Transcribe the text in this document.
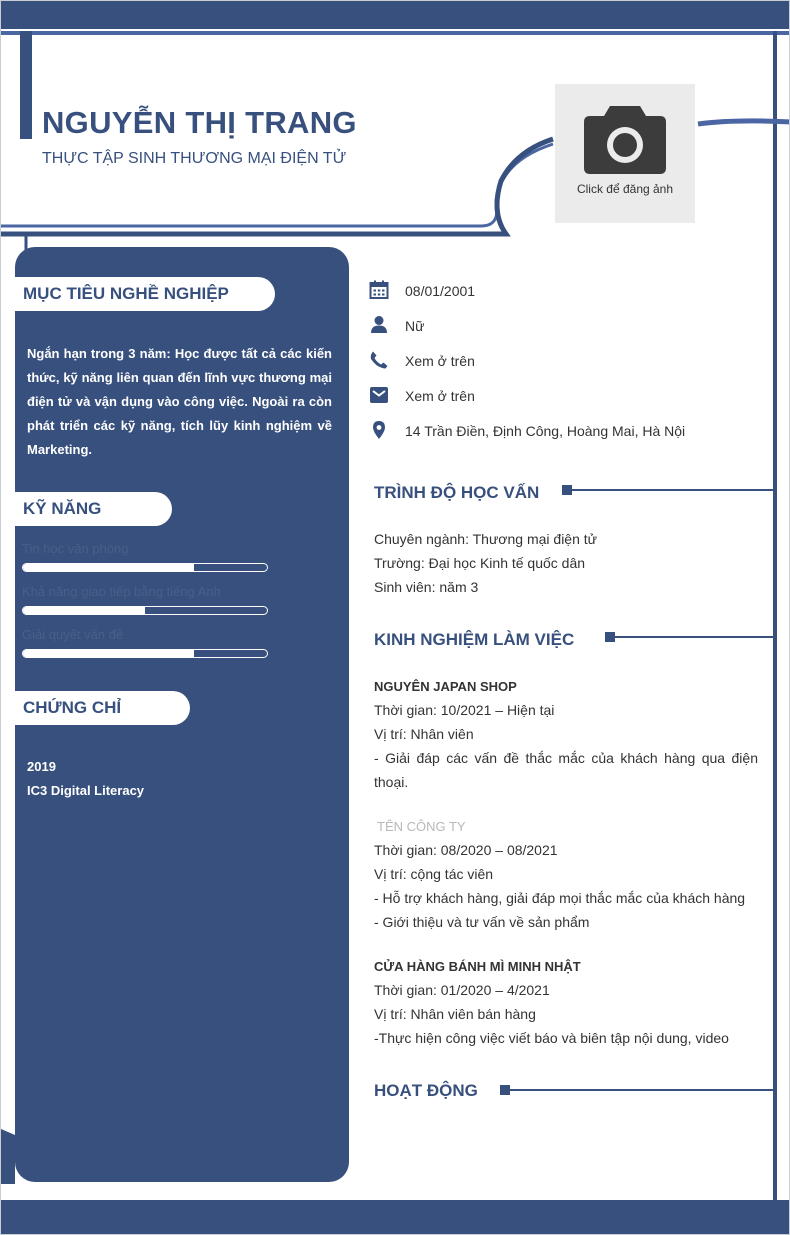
NGUYỄN THỊ TRANG
THỰC TẬP SINH THƯƠNG MẠI ĐIỆN TỬ
Click để đăng ảnh
MỤC TIÊU NGHỀ NGHIỆP
Ngắn hạn trong 3 năm: Học được tất cả các kiến thức, kỹ năng liên quan đến lĩnh vực thương mại điện tử và vận dụng vào công việc. Ngoài ra còn phát triển các kỹ năng, tích lũy kinh nghiệm về Marketing.
KỸ NĂNG
Tin học văn phòng
Khả năng giao tiếp bằng tiếng Anh
Giải quyết vấn đề
CHỨNG CHỈ
2019
IC3 Digital Literacy
08/01/2001
Nữ
Xem ở trên
Xem ở trên
14 Trần Điền, Định Công, Hoàng Mai, Hà Nội
TRÌNH ĐỘ HỌC VẤN
Chuyên ngành: Thương mại điện tử
Trường: Đại học Kinh tế quốc dân
Sinh viên: năm 3
KINH NGHIỆM LÀM VIỆC
NGUYÊN JAPAN SHOP
Thời gian: 10/2021 – Hiện tại
Vị trí: Nhân viên
- Giải đáp các vấn đề thắc mắc của khách hàng qua điện thoại.
TÊN CÔNG TY
Thời gian: 08/2020 – 08/2021
Vị trí: cộng tác viên
- Hỗ trợ khách hàng, giải đáp mọi thắc mắc của khách hàng
- Giới thiệu và tư vấn về sản phẩm
CỬA HÀNG BÁNH MÌ MINH NHẬT
Thời gian: 01/2020 – 4/2021
Vị trí: Nhân viên bán hàng
-Thực hiện công việc viết báo và biên tập nội dung, video
HOẠT ĐỘNG
